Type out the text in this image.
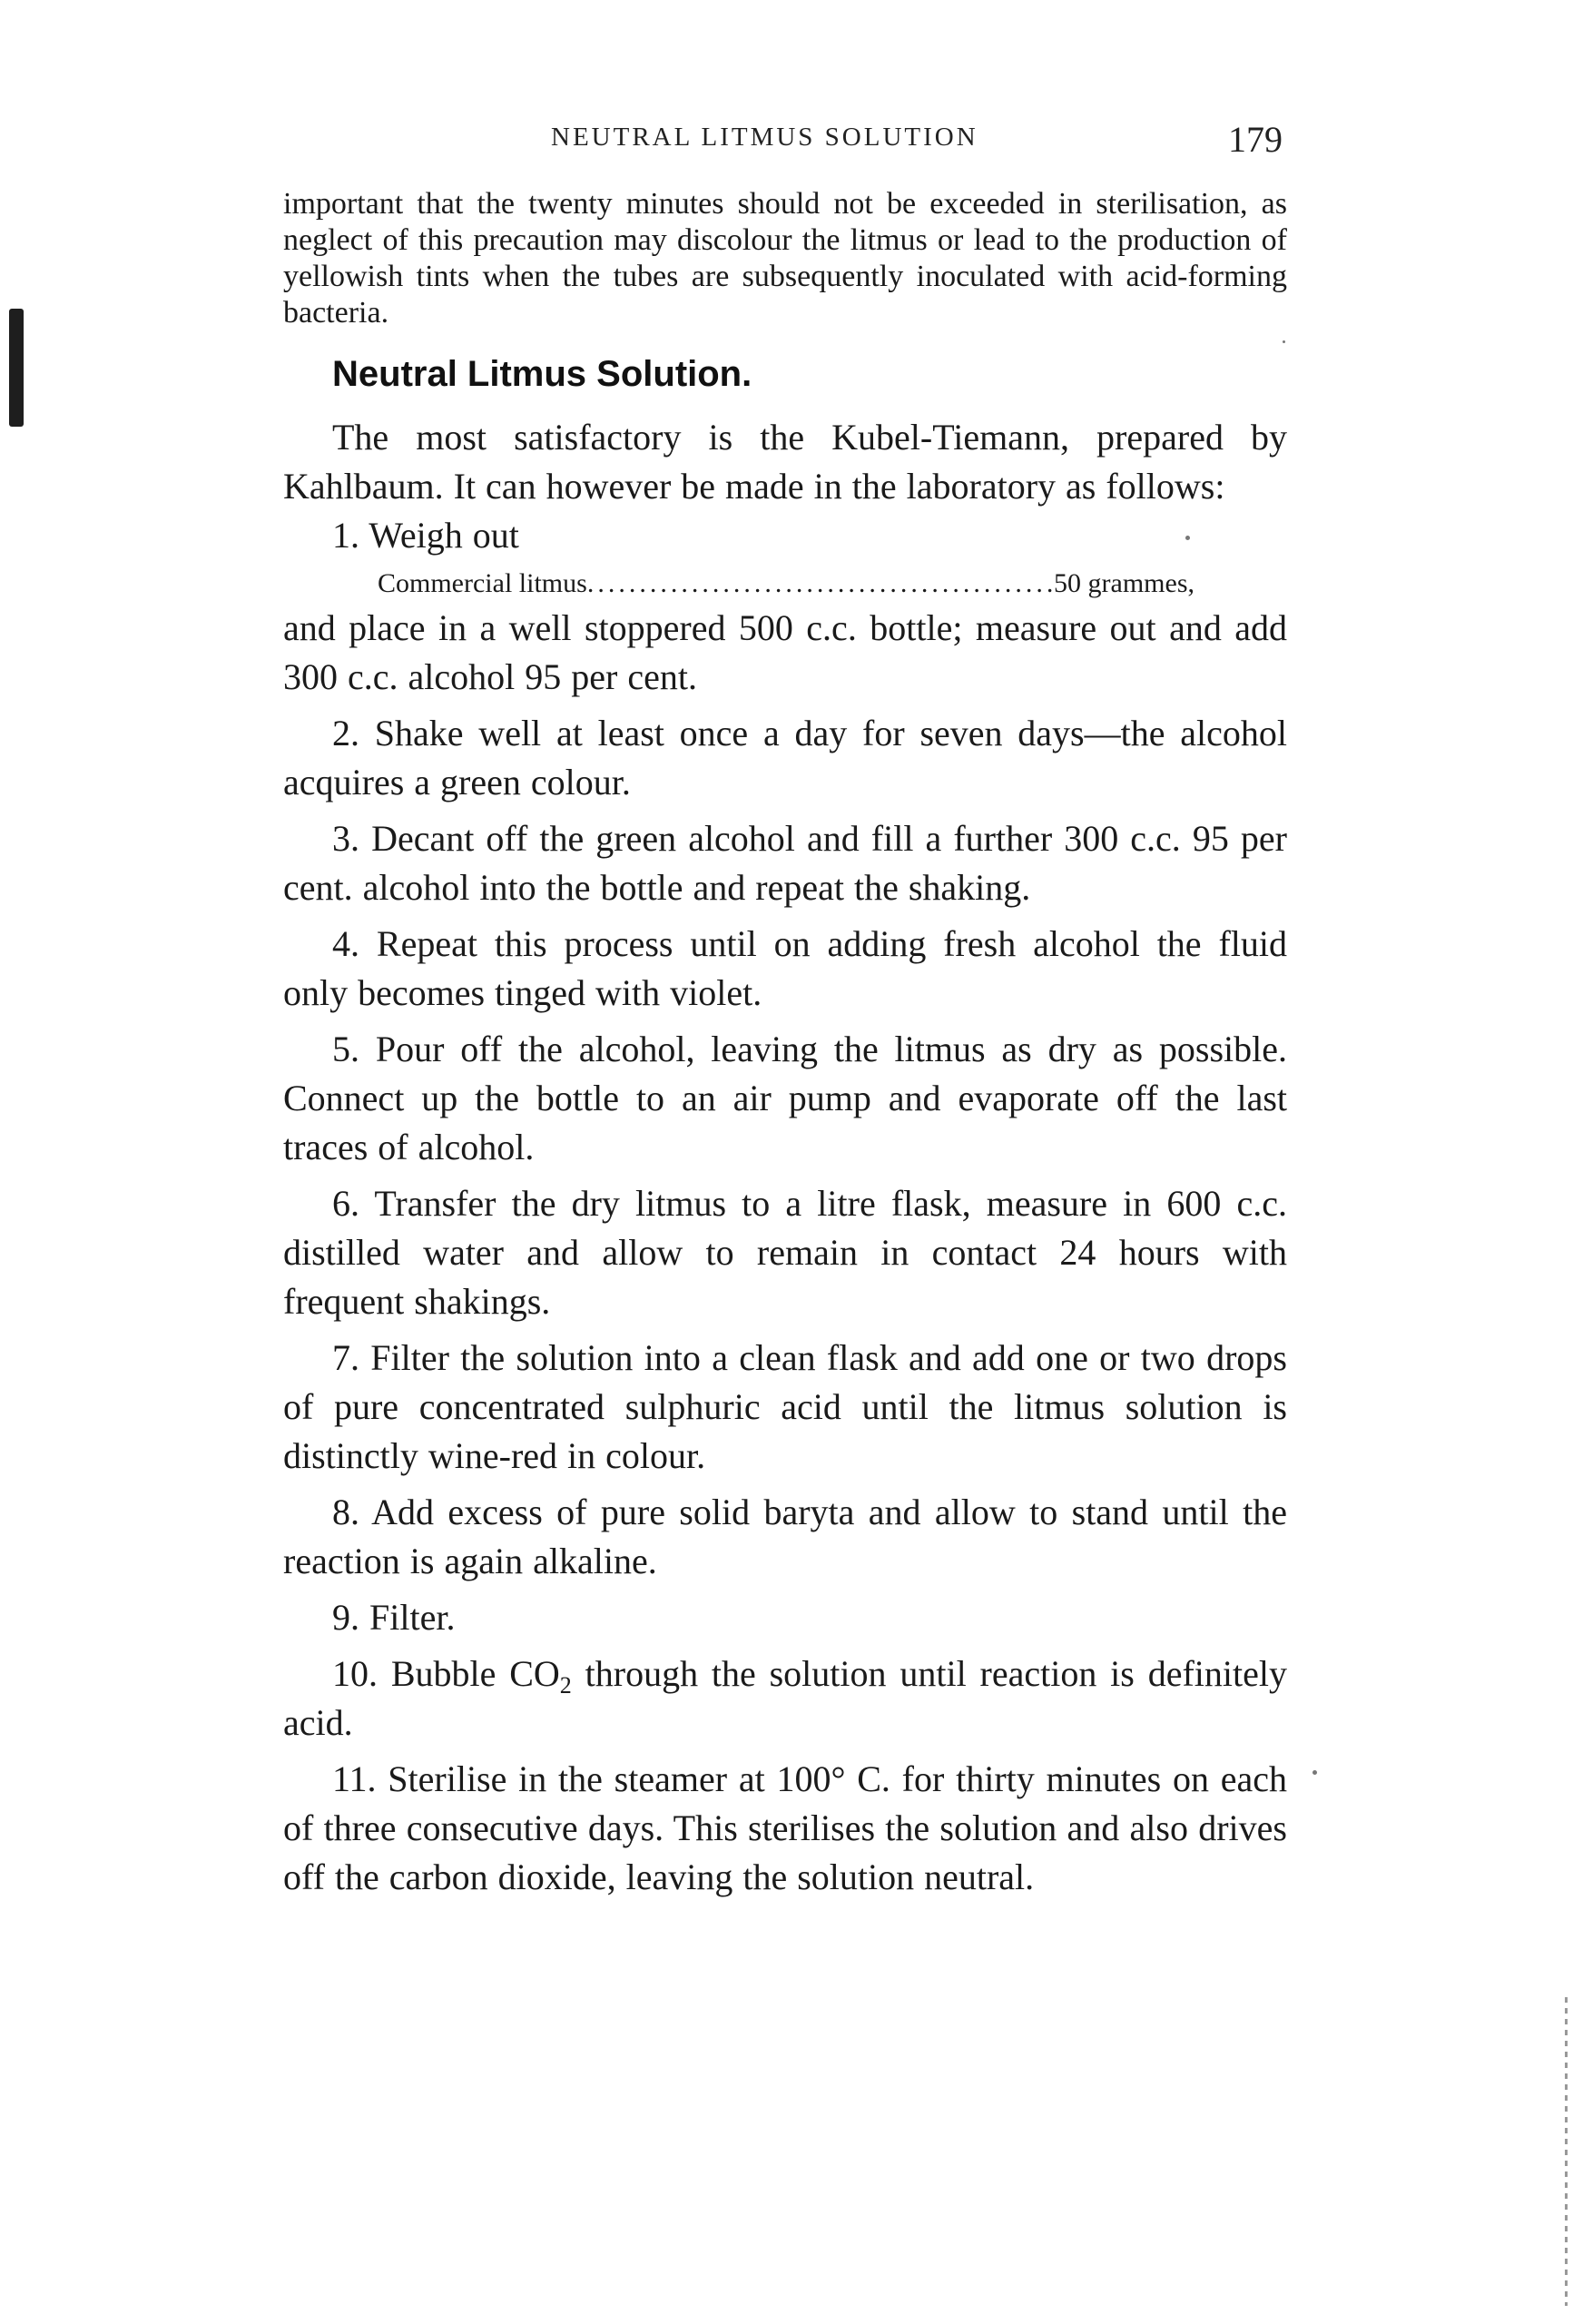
NEUTRAL LITMUS SOLUTION	179

important that the twenty minutes should not be exceeded in sterilisation, as neglect of this precaution may discolour the litmus or lead to the production of yellowish tints when the tubes are subsequently inoculated with acid-forming bacteria.

Neutral Litmus Solution.

The most satisfactory is the Kubel-Tiemann, prepared by Kahlbaum. It can however be made in the laboratory as follows:

1. Weigh out

Commercial litmus
.....	50 grammes,

and place in a well stoppered 500 c.c. bottle; measure out and add 300 c.c. alcohol 95 per cent.

2. Shake well at least once a day for seven days—the alcohol acquires a green colour.

3. Decant off the green alcohol and fill a further 300 c.c. 95 per cent. alcohol into the bottle and repeat the shaking.

4. Repeat this process until on adding fresh alcohol the fluid only becomes tinged with violet.

5. Pour off the alcohol, leaving the litmus as dry as possible. Connect up the bottle to an air pump and evaporate off the last traces of alcohol.

6. Transfer the dry litmus to a litre flask, measure in 600 c.c. distilled water and allow to remain in contact 24 hours with frequent shakings.

7. Filter the solution into a clean flask and add one or two drops of pure concentrated sulphuric acid until the litmus solution is distinctly wine-red in colour.

8. Add excess of pure solid baryta and allow to stand until the reaction is again alkaline.

9. Filter.

10. Bubble $CO_2$ through the solution until reaction is definitely acid.

11. Sterilise in the steamer at 100° C. for thirty minutes on each of three consecutive days. This sterilises the solution and also drives off the carbon dioxide, leaving the solution neutral.
